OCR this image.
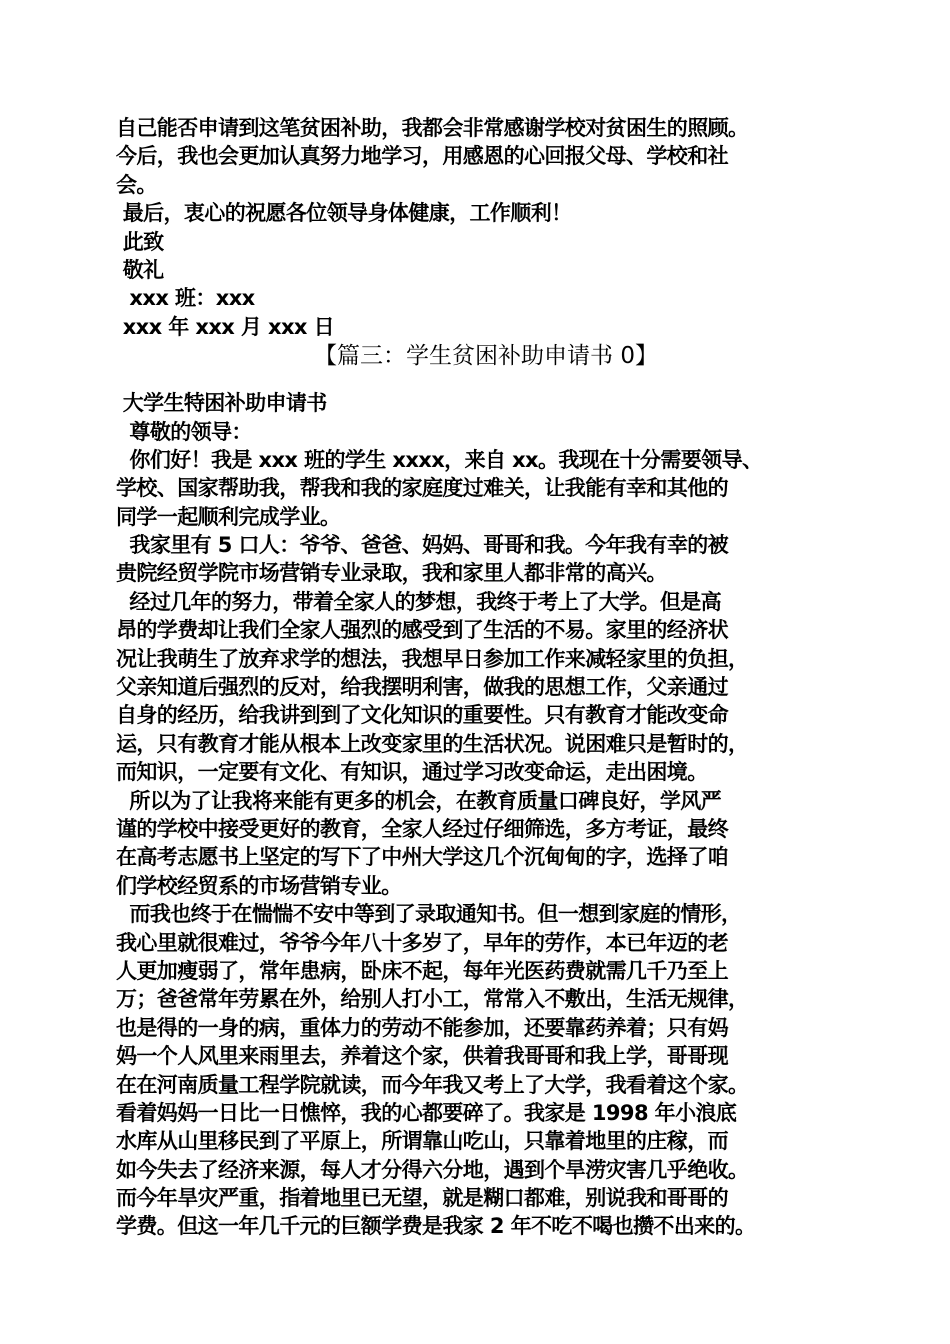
自己能否申请到这笔贫困补助，我都会非常感谢学校对贫困生的照顾。
今后，我也会更加认真努力地学习，用感恩的心回报父母、学校和社
会。
最后，衷心的祝愿各位领导身体健康，工作顺利！
此致
敬礼
xxx 班：xxx
xxx 年 xxx 月 xxx 日
【篇三：学生贫困补助申请书 0】
大学生特困补助申请书
尊敬的领导：
你们好！我是 xxx 班的学生 xxxx，来自 xx。我现在十分需要领导、
学校、国家帮助我，帮我和我的家庭度过难关，让我能有幸和其他的
同学一起顺利完成学业。
我家里有 5 口人：爷爷、爸爸、妈妈、哥哥和我。今年我有幸的被
贵院经贸学院市场营销专业录取，我和家里人都非常的高兴。
经过几年的努力，带着全家人的梦想，我终于考上了大学。但是高
昂的学费却让我们全家人强烈的感受到了生活的不易。家里的经济状
况让我萌生了放弃求学的想法，我想早日参加工作来减轻家里的负担，
父亲知道后强烈的反对，给我摆明利害，做我的思想工作，父亲通过
自身的经历，给我讲到到了文化知识的重要性。只有教育才能改变命
运，只有教育才能从根本上改变家里的生活状况。说困难只是暂时的，
而知识，一定要有文化、有知识，通过学习改变命运，走出困境。
所以为了让我将来能有更多的机会，在教育质量口碑良好，学风严
谨的学校中接受更好的教育，全家人经过仔细筛选，多方考证，最终
在高考志愿书上坚定的写下了中州大学这几个沉甸甸的字，选择了咱
们学校经贸系的市场营销专业。
而我也终于在惴惴不安中等到了录取通知书。但一想到家庭的情形，
我心里就很难过，爷爷今年八十多岁了，早年的劳作，本已年迈的老
人更加瘦弱了，常年患病，卧床不起，每年光医药费就需几千乃至上
万；爸爸常年劳累在外，给别人打小工，常常入不敷出，生活无规律，
也是得的一身的病，重体力的劳动不能参加，还要靠药养着；只有妈
妈一个人风里来雨里去，养着这个家，供着我哥哥和我上学，哥哥现
在在河南质量工程学院就读，而今年我又考上了大学，我看着这个家。
看着妈妈一日比一日憔悴，我的心都要碎了。我家是 1998 年小浪底
水库从山里移民到了平原上，所谓靠山吃山，只靠着地里的庄稼，而
如今失去了经济来源，每人才分得六分地，遇到个旱涝灾害几乎绝收。
而今年旱灾严重，指着地里已无望，就是糊口都难，别说我和哥哥的
学费。但这一年几千元的巨额学费是我家 2 年不吃不喝也攒不出来的。
